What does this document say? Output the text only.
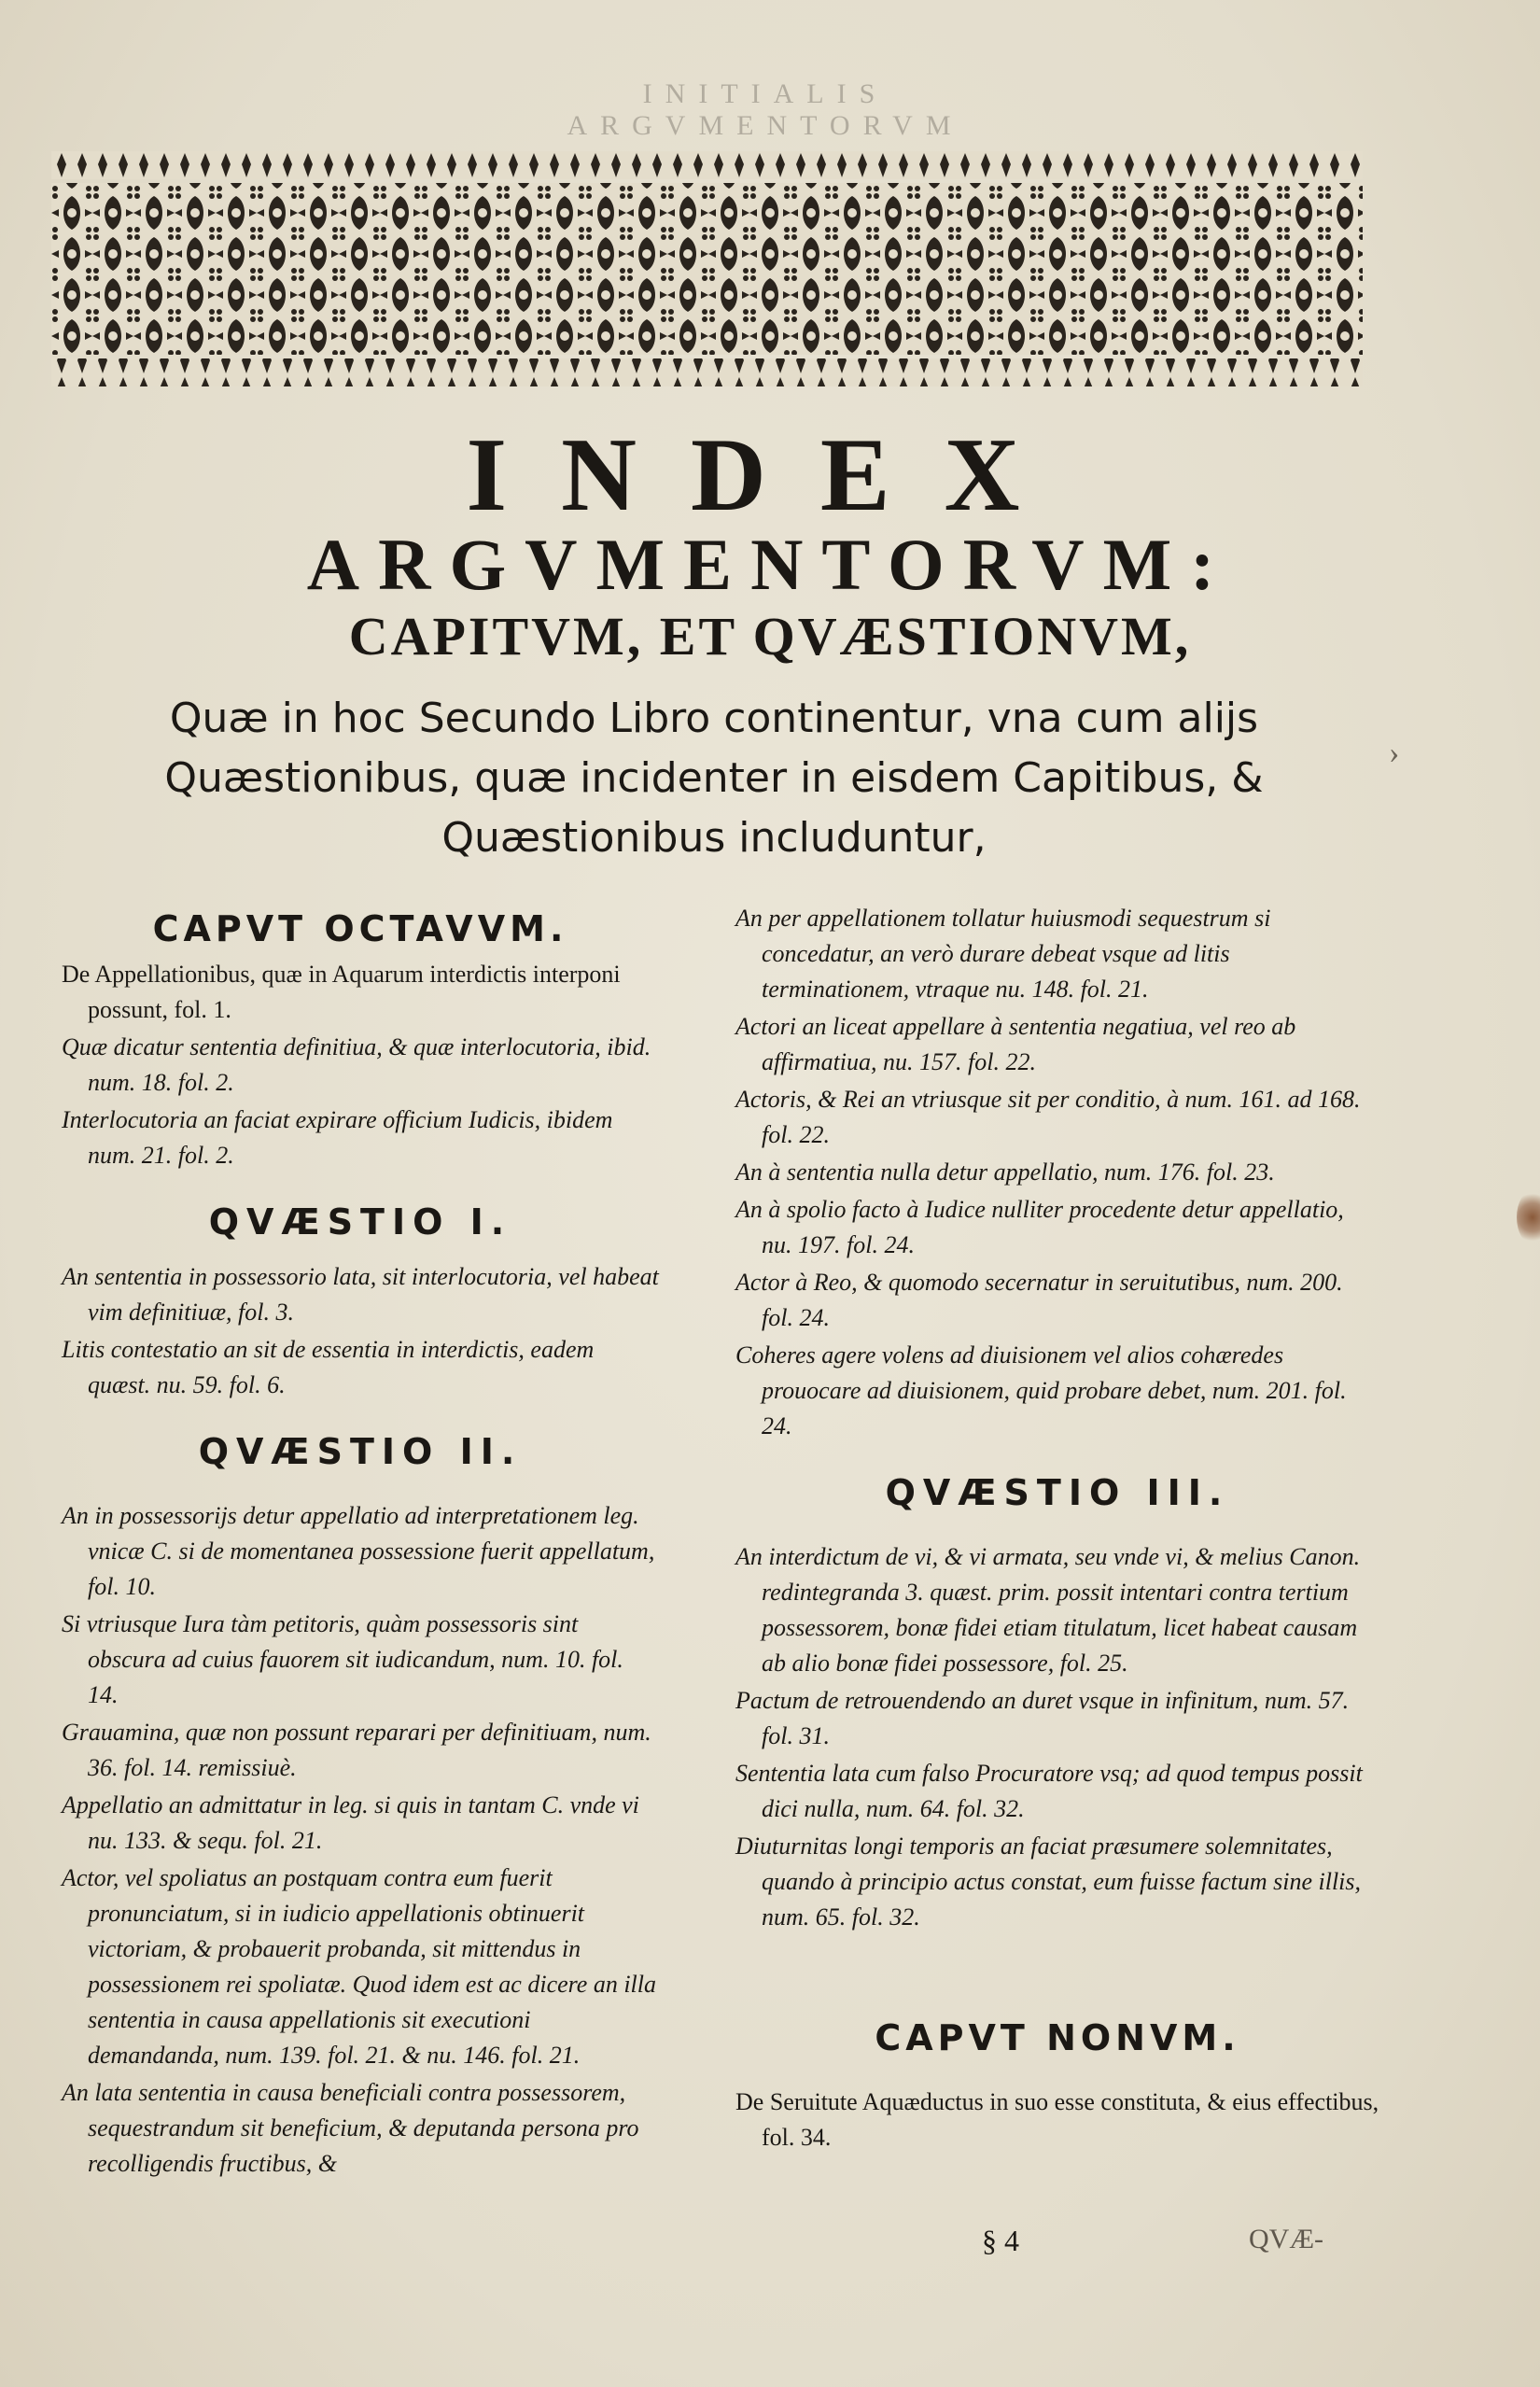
INITIALIS ARGVMENTORVM
INDEX
ARGVMENTORVM:
CAPITVM, ET QVÆSTIONVM,

Quæ in hoc Secundo Libro continentur, vna cum alijs Quæstionibus, quæ incidenter in eisdem Capitibus, & Quæstionibus includuntur,

›
CAPVT OCTAVVM.

De Appellationibus, quæ in Aquarum interdictis interponi possunt, fol. 1.

Quæ dicatur sententia definitiua, & quæ interlocutoria, ibid. num. 18. fol. 2.

Interlocutoria an faciat expirare officium Iudicis, ibidem num. 21. fol. 2.

QVÆSTIO I.

An sententia in possessorio lata, sit interlocutoria, vel habeat vim definitiuæ, fol. 3.

Litis contestatio an sit de essentia in interdictis, eadem quæst. nu. 59. fol. 6.

QVÆSTIO II.

An in possessorijs detur appellatio ad interpretationem leg. vnicæ C. si de momentanea possessione fuerit appellatum, fol. 10.

Si vtriusque Iura tàm petitoris, quàm possessoris sint obscura ad cuius fauorem sit iudicandum, num. 10. fol. 14.

Grauamina, quæ non possunt reparari per definitiuam, num. 36. fol. 14. remissiuè.

Appellatio an admittatur in leg. si quis in tantam C. vnde vi nu. 133. & sequ. fol. 21.

Actor, vel spoliatus an postquam contra eum fuerit pronunciatum, si in iudicio appellationis obtinuerit victoriam, & probauerit probanda, sit mittendus in possessionem rei spoliatæ. Quod idem est ac dicere an illa sententia in causa appellationis sit executioni demandanda, num. 139. fol. 21. & nu. 146. fol. 21.

An lata sententia in causa beneficiali contra possessorem, sequestrandum sit beneficium, & deputanda persona pro recolligendis fructibus, &

An per appellationem tollatur huiusmodi sequestrum si concedatur, an verò durare debeat vsque ad litis terminationem, vtraque nu. 148. fol. 21.

Actori an liceat appellare à sententia negatiua, vel reo ab affirmatiua, nu. 157. fol. 22.

Actoris, & Rei an vtriusque sit per conditio, à num. 161. ad 168. fol. 22.

An à sententia nulla detur appellatio, num. 176. fol. 23.

An à spolio facto à Iudice nulliter procedente detur appellatio, nu. 197. fol. 24.

Actor à Reo, & quomodo secernatur in seruitutibus, num. 200. fol. 24.

Coheres agere volens ad diuisionem vel alios cohæredes prouocare ad diuisionem, quid probare debet, num. 201. fol. 24.

QVÆSTIO III.

An interdictum de vi, & vi armata, seu vnde vi, & melius Canon. redintegranda 3. quæst. prim. possit intentari contra tertium possessorem, bonæ fidei etiam titulatum, licet habeat causam ab alio bonæ fidei possessore, fol. 25.

Pactum de retrouendendo an duret vsque in infinitum, num. 57. fol. 31.

Sententia lata cum falso Procuratore vsq; ad quod tempus possit dici nulla, num. 64. fol. 32.

Diuturnitas longi temporis an faciat præsumere solemnitates, quando à principio actus constat, eum fuisse factum sine illis, num. 65. fol. 32.

CAPVT NONVM.

De Seruitute Aquæductus in suo esse constituta, & eius effectibus, fol. 34.

§ 4	QVÆ-
